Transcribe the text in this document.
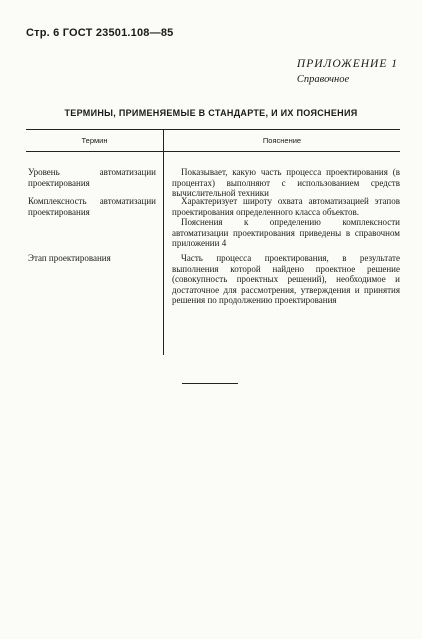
Стр. 6 ГОСТ 23501.108—85
ПРИЛОЖЕНИЕ 1
Справочное
ТЕРМИНЫ, ПРИМЕНЯЕМЫЕ В СТАНДАРТЕ, И ИХ ПОЯСНЕНИЯ
Термин	Пояснение
Уровень автоматизации проектирования

Показывает, какую часть процесса проектирования (в процентах) выполняют с использованием средств вычислительной техники

Комплексность автоматизации проектирования

Характеризует широту охвата автоматизацией этапов проектирования определенного класса объектов.

Пояснения к определению комплексности автоматизации проектирования приведены в справочном приложении 4

Этап проектирования	Часть процесса проектирования, в результате выполнения которой найдено проектное решение (совокупность проектных решений), необходимое и достаточное для рассмотрения, утверждения и принятия решения по продолжению проектирования
